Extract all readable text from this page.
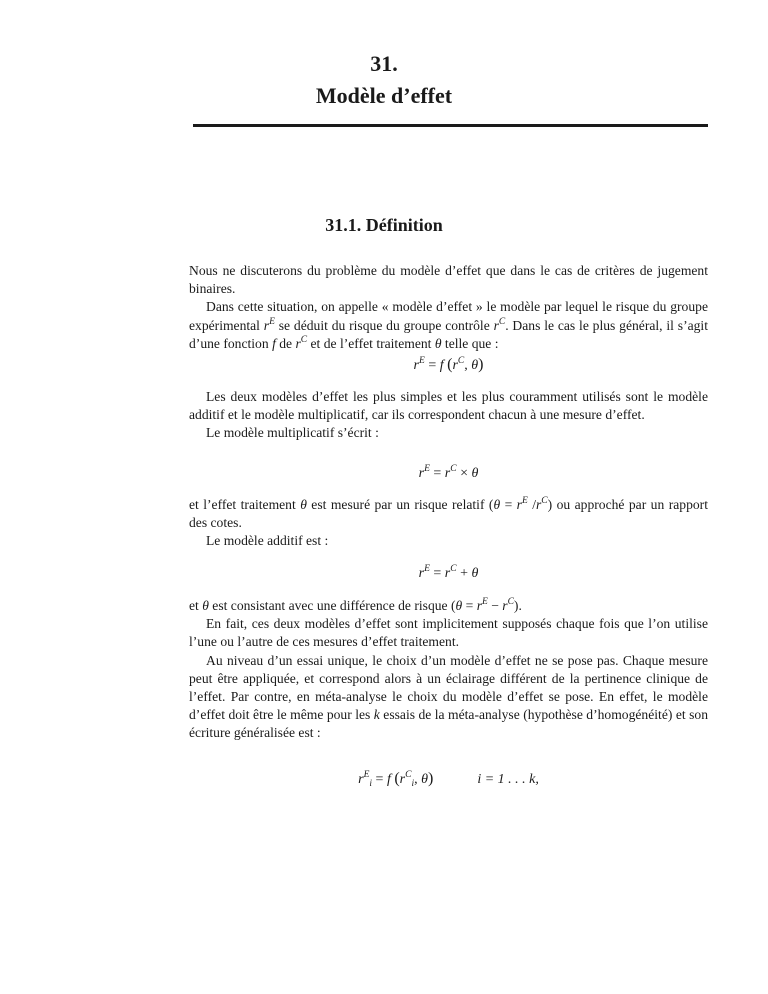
31.
Modèle d’effet
31.1. Définition

Nous ne discuterons du problème du modèle d’effet que dans le cas de critères de jugement binaires.

Dans cette situation, on appelle « modèle d’effet » le modèle par lequel le risque du groupe expérimental $r^E$ se déduit du risque du groupe contrôle $r^C$. Dans le cas le plus général, il s’agit d’une fonction f de $r^C$ et de l’effet traitement θ telle que :

$r^E = f$ ($r^C$, θ)

Les deux modèles d’effet les plus simples et les plus couramment utilisés sont le modèle additif et le modèle multiplicatif, car ils correspondent chacun à une mesure d’effet.

Le modèle multiplicatif s’écrit :

$r^E = r^C \times \theta$

et l’effet traitement θ est mesuré par un risque relatif ($\theta = r^E$ $/r^C$) ou approché par un rapport des cotes.

Le modèle additif est :

$r^E = r^C + \theta$

et θ est consistant avec une différence de risque $(\theta = r^E - r^C)$.

En fait, ces deux modèles d’effet sont implicitement supposés chaque fois que l’on utilise l’une ou l’autre de ces mesures d’effet traitement.

Au niveau d’un essai unique, le choix d’un modèle d’effet ne se pose pas. Chaque mesure peut être appliquée, et correspond alors à un éclairage différent de la pertinence clinique de l’effet. Par contre, en méta-analyse le choix du modèle d’effet se pose. En effet, le modèle d’effet doit être le même pour les k essais de la méta-analyse (hypothèse d’homogénéité) et son écriture généralisée est :

$r^E_i = f$ ($r^C_i$, θ)	i = 1 . . . k,
